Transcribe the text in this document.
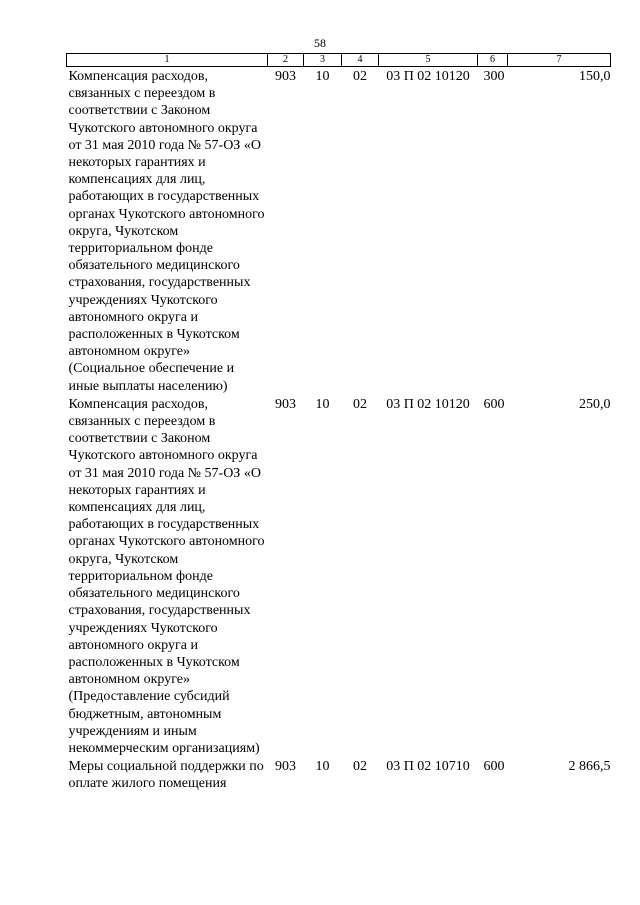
58
1	2	3	4	5	6	7

Компенсация расходов, связанных с переездом в соответствии с Законом Чукотского автономного округа от 31 мая 2010 года № 57-ОЗ «О некоторых гарантиях и компенсациях для лиц, работающих в государственных органах Чукотского автономного округа, Чукотском территориальном фонде обязательного медицинского страхования, государственных учреждениях Чукотского автономного округа и расположенных в Чукотском автономном округе» (Социальное обеспечение и иные выплаты населению)	903	10	02	03 П 02 10120	300	150,0

Компенсация расходов, связанных с переездом в соответствии с Законом Чукотского автономного округа от 31 мая 2010 года № 57-ОЗ «О некоторых гарантиях и компенсациях для лиц, работающих в государственных органах Чукотского автономного округа, Чукотском территориальном фонде обязательного медицинского страхования, государственных учреждениях Чукотского автономного округа и расположенных в Чукотском автономном округе» (Предоставление субсидий бюджетным, автономным учреждениям и иным некоммерческим организациям)	903	10	02	03 П 02 10120	600	250,0

Меры социальной поддержки по оплате жилого помещения	903	10	02	03 П 02 10710	600	2 866,5
